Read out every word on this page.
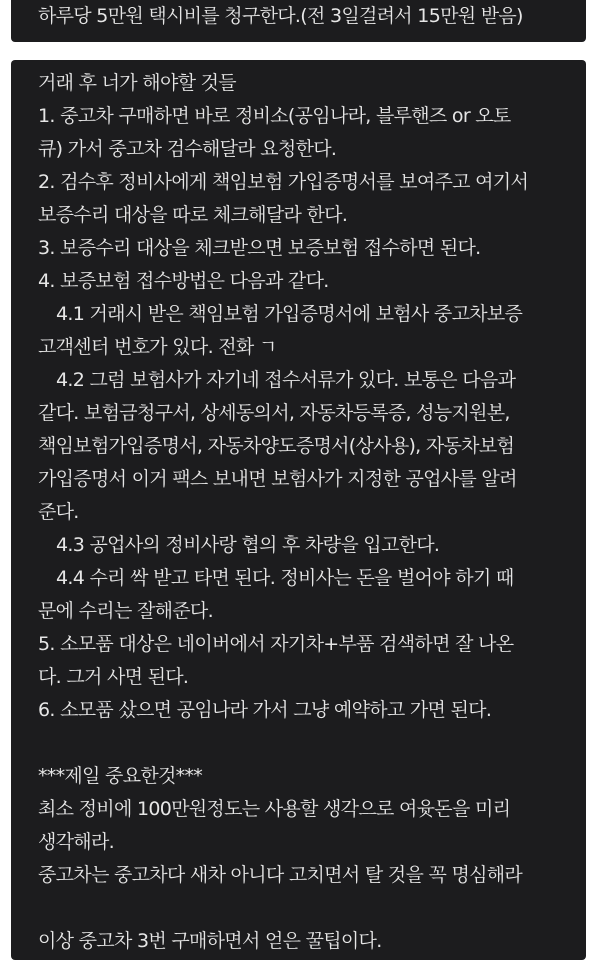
하루당 5만원 택시비를 청구한다.(전 3일걸려서 15만원 받음)
거래 후 너가 해야할 것들
1. 중고차 구매하면 바로 정비소(공임나라, 블루핸즈 or 오토
큐) 가서 중고차 검수해달라 요청한다.
2. 검수후 정비사에게 책임보험 가입증명서를 보여주고 여기서
보증수리 대상을 따로 체크해달라 한다.
3. 보증수리 대상을 체크받으면 보증보험 접수하면 된다.
4. 보증보험 접수방법은 다음과 같다.
4.1 거래시 받은 책임보험 가입증명서에 보험사 중고차보증
고객센터 번호가 있다. 전화 ㄱ
4.2 그럼 보험사가 자기네 접수서류가 있다. 보통은 다음과
같다. 보험금청구서, 상세동의서, 자동차등록증, 성능지원본,
책임보험가입증명서, 자동차양도증명서(상사용), 자동차보험
가입증명서 이거 팩스 보내면 보험사가 지정한 공업사를 알려
준다.
4.3 공업사의 정비사랑 협의 후 차량을 입고한다.
4.4 수리 싹 받고 타면 된다. 정비사는 돈을 벌어야 하기 때
문에 수리는 잘해준다.
5. 소모품 대상은 네이버에서 자기차+부품 검색하면 잘 나온
다. 그거 사면 된다.
6. 소모품 샀으면 공임나라 가서 그냥 예약하고 가면 된다.
***제일 중요한것***
최소 정비에 100만원정도는 사용할 생각으로 여윳돈을 미리
생각해라.
중고차는 중고차다 새차 아니다 고치면서 탈 것을 꼭 명심해라
이상 중고차 3번 구매하면서 얻은 꿀팁이다.
